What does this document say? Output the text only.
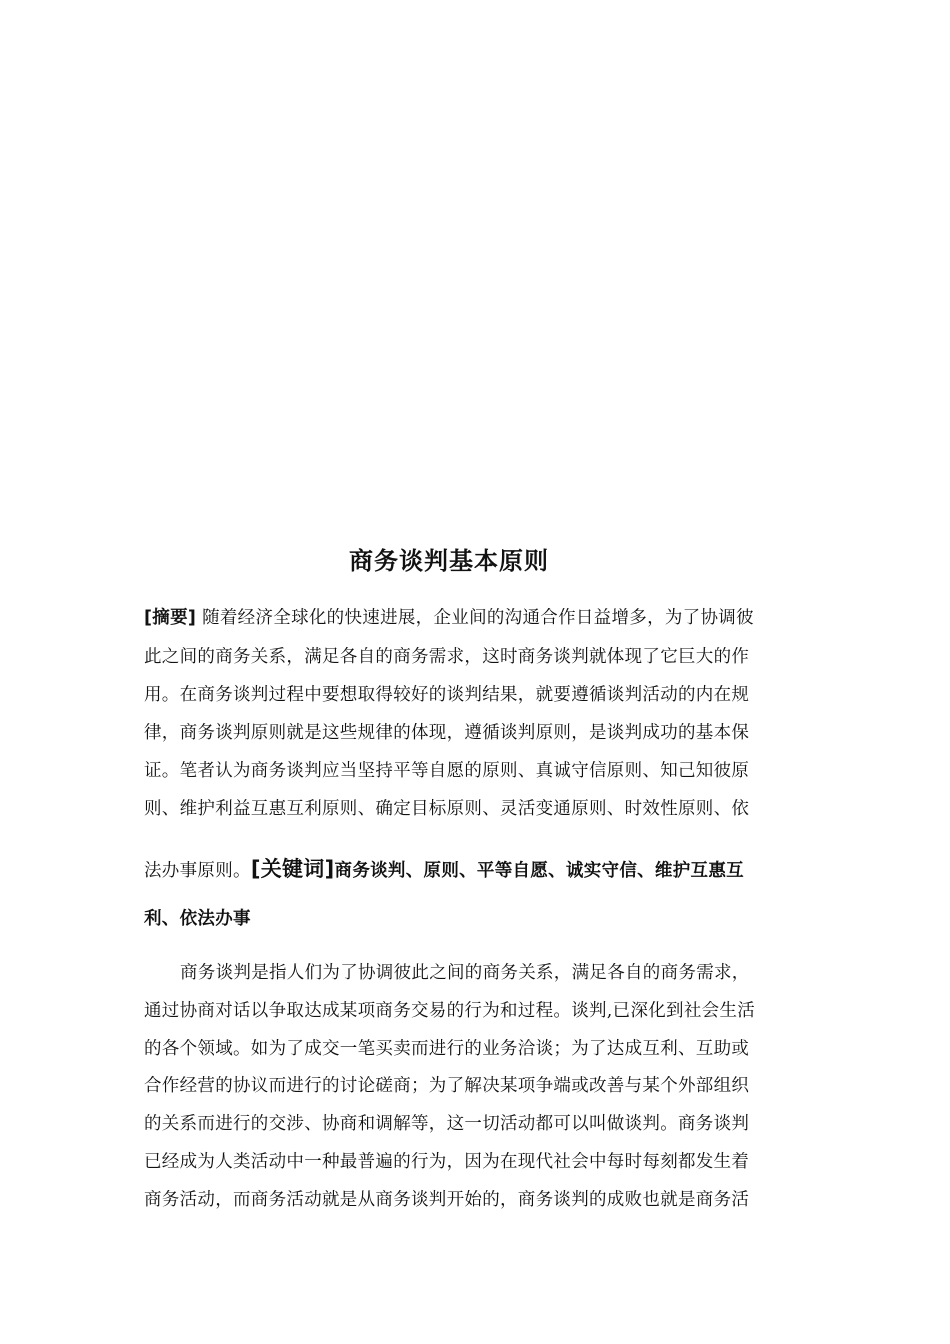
商务谈判基本原则

[摘要] 随着经济全球化的快速进展，企业间的沟通合作日益增多，为了协调彼

此之间的商务关系，满足各自的商务需求，这时商务谈判就体现了它巨大的作

用。在商务谈判过程中要想取得较好的谈判结果，就要遵循谈判活动的内在规

律，商务谈判原则就是这些规律的体现，遵循谈判原则，是谈判成功的基本保

证。笔者认为商务谈判应当坚持平等自愿的原则、真诚守信原则、知己知彼原

则、维护利益互惠互利原则、确定目标原则、灵活变通原则、时效性原则、依

法办事原则。[关键词]商务谈判、原则、平等自愿、诚实守信、维护互惠互

利、依法办事

商务谈判是指人们为了协调彼此之间的商务关系，满足各自的商务需求，

通过协商对话以争取达成某项商务交易的行为和过程。谈判,已深化到社会生活

的各个领域。如为了成交一笔买卖而进行的业务洽谈；为了达成互利、互助或

合作经营的协议而进行的讨论磋商；为了解决某项争端或改善与某个外部组织

的关系而进行的交涉、协商和调解等，这一切活动都可以叫做谈判。商务谈判

已经成为人类活动中一种最普遍的行为，因为在现代社会中每时每刻都发生着

商务活动，而商务活动就是从商务谈判开始的，商务谈判的成败也就是商务活
